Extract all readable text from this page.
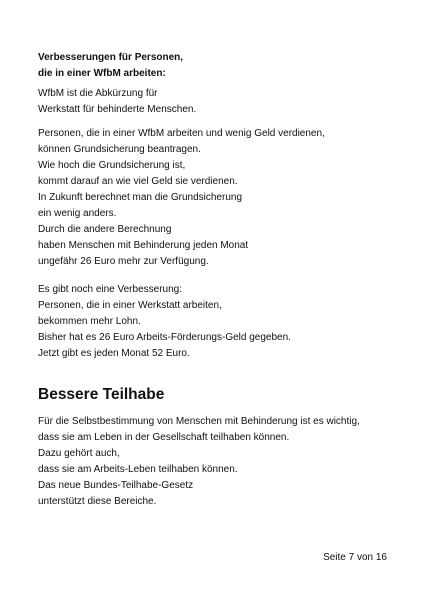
Verbesserungen für Personen,
die in einer WfbM arbeiten:
WfbM ist die Abkürzung für
Werkstatt für behinderte Menschen.
Personen, die in einer WfbM arbeiten und wenig Geld verdienen,
können Grundsicherung beantragen.
Wie hoch die Grundsicherung ist,
kommt darauf an wie viel Geld sie verdienen.
In Zukunft berechnet man die Grundsicherung
ein wenig anders.
Durch die andere Berechnung
haben Menschen mit Behinderung jeden Monat
ungefähr 26 Euro mehr zur Verfügung.
Es gibt noch eine Verbesserung:
Personen, die in einer Werkstatt arbeiten,
bekommen mehr Lohn.
Bisher hat es 26 Euro Arbeits-Förderungs-Geld gegeben.
Jetzt gibt es jeden Monat 52 Euro.
Bessere Teilhabe
Für die Selbstbestimmung von Menschen mit Behinderung ist es wichtig,
dass sie am Leben in der Gesellschaft teilhaben können.
Dazu gehört auch,
dass sie am Arbeits-Leben teilhaben können.
Das neue Bundes-Teilhabe-Gesetz
unterstützt diese Bereiche.
Seite 7 von 16
